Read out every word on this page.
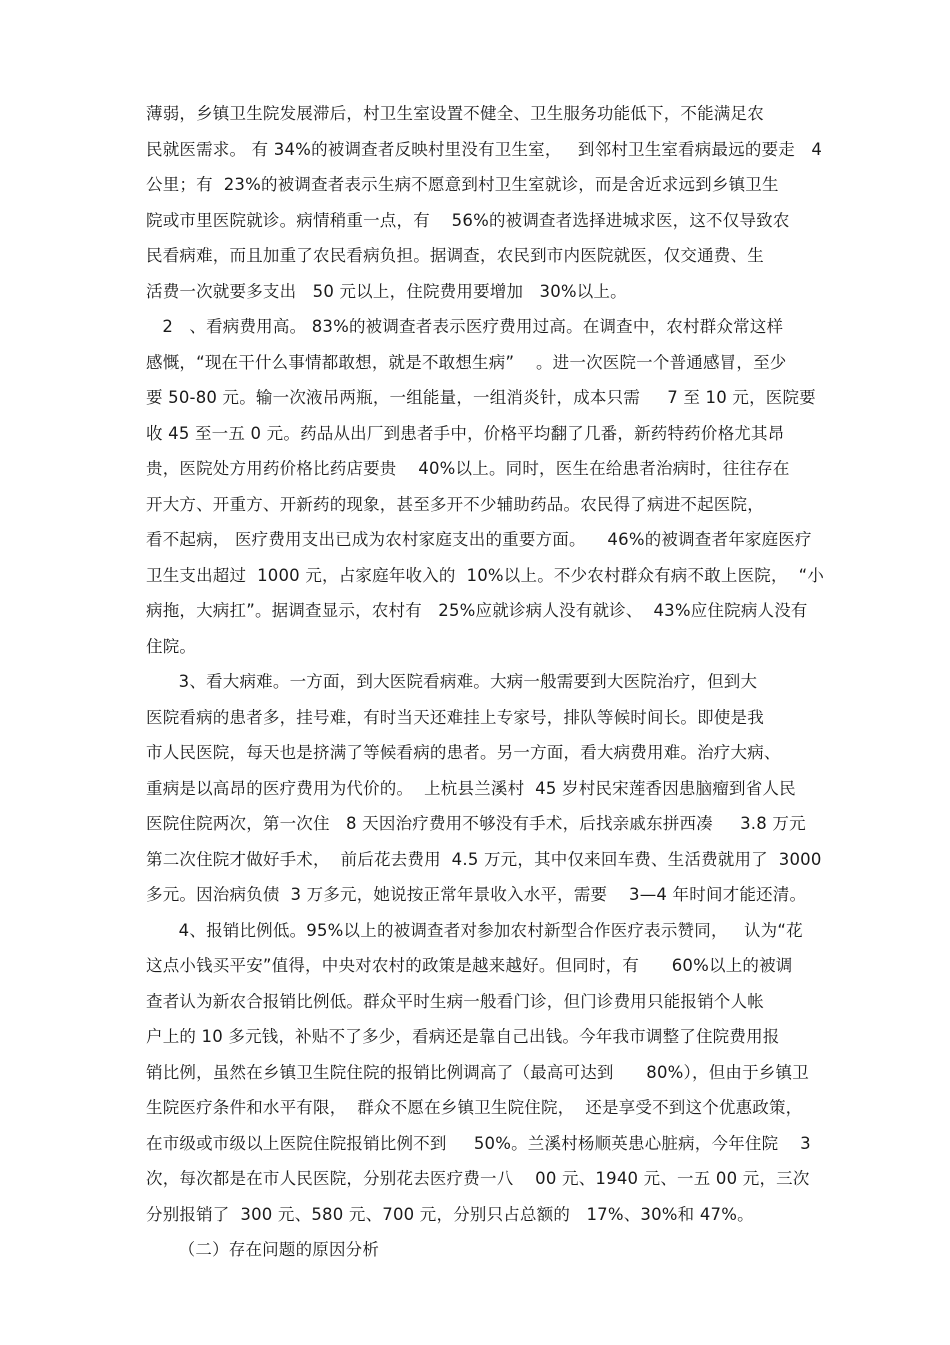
薄弱，乡镇卫生院发展滞后，村卫生室设置不健全、卫生服务功能低下，不能满足农
民就医需求。 有 34%的被调查者反映村里没有卫生室，   到邻村卫生室看病最远的要走   4
公里；有  23%的被调查者表示生病不愿意到村卫生室就诊，而是舍近求远到乡镇卫生
院或市里医院就诊。病情稍重一点，有    56%的被调查者选择进城求医，这不仅导致农
民看病难，而且加重了农民看病负担。据调查，农民到市内医院就医，仅交通费、生
活费一次就要多支出   50 元以上，住院费用要增加   30%以上。
2   、看病费用高。 83%的被调查者表示医疗费用过高。在调查中，农村群众常这样
感慨，“现在干什么事情都敢想，就是不敢想生病”    。进一次医院一个普通感冒，至少
要 50-80 元。输一次液吊两瓶，一组能量，一组消炎针，成本只需     7 至 10 元，医院要
收 45 至一五 0 元。药品从出厂到患者手中，价格平均翻了几番，新药特药价格尤其昂
贵，医院处方用药价格比药店要贵    40%以上。同时，医生在给患者治病时，往往存在
开大方、开重方、开新药的现象，甚至多开不少辅助药品。农民得了病进不起医院，
看不起病， 医疗费用支出已成为农村家庭支出的重要方面。    46%的被调查者年家庭医疗
卫生支出超过  1000 元，占家庭年收入的  10%以上。不少农村群众有病不敢上医院，  “小
病拖，大病扛”。据调查显示，农村有   25%应就诊病人没有就诊、  43%应住院病人没有
住院。
3、看大病难。一方面，到大医院看病难。大病一般需要到大医院治疗，但到大
医院看病的患者多，挂号难，有时当天还难挂上专家号，排队等候时间长。即使是我
市人民医院，每天也是挤满了等候看病的患者。另一方面，看大病费用难。治疗大病、
重病是以高昂的医疗费用为代价的。  上杭县兰溪村  45 岁村民宋莲香因患脑瘤到省人民
医院住院两次，第一次住   8 天因治疗费用不够没有手术，后找亲戚东拼西凑     3.8 万元
第二次住院才做好手术，  前后花去费用  4.5 万元，其中仅来回车费、生活费就用了  3000
多元。因治病负债  3 万多元，她说按正常年景收入水平，需要    3—4 年时间才能还清。
4、报销比例低。95%以上的被调查者对参加农村新型合作医疗表示赞同，   认为“花
这点小钱买平安”值得，中央对农村的政策是越来越好。但同时，有      60%以上的被调
查者认为新农合报销比例低。群众平时生病一般看门诊，但门诊费用只能报销个人帐
户上的 10 多元钱，补贴不了多少，看病还是靠自己出钱。今年我市调整了住院费用报
销比例，虽然在乡镇卫生院住院的报销比例调高了（最高可达到      80%），但由于乡镇卫
生院医疗条件和水平有限，  群众不愿在乡镇卫生院住院，  还是享受不到这个优惠政策，
在市级或市级以上医院住院报销比例不到     50%。兰溪村杨顺英患心脏病，今年住院    3
次，每次都是在市人民医院，分别花去医疗费一八    00 元、1940 元、一五 00 元，三次
分别报销了  300 元、580 元、700 元，分别只占总额的   17%、30%和 47%。
（二）存在问题的原因分析
